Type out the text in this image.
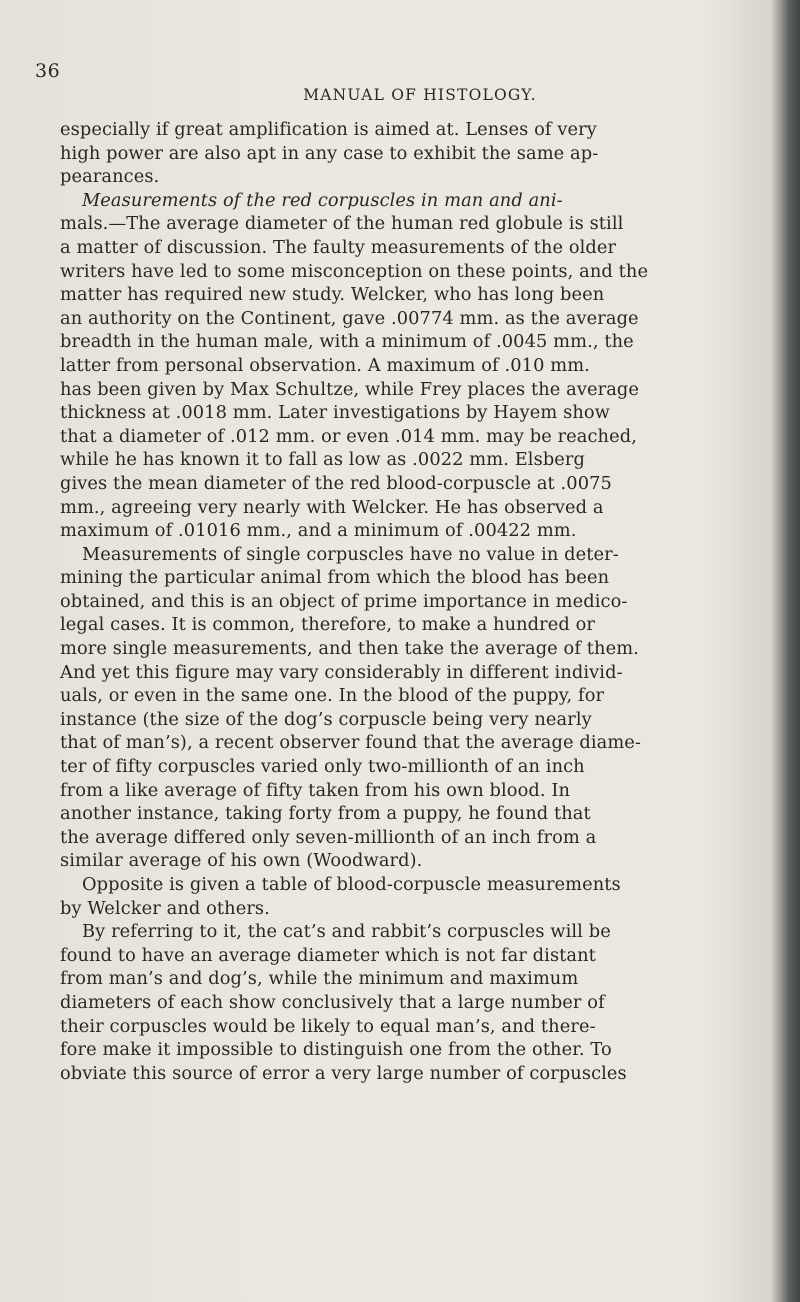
36
MANUAL OF HISTOLOGY.
especially if great amplification is aimed at. Lenses of very
high power are also apt in any case to exhibit the same ap-
pearances.
Measurements of the red corpuscles in man and ani-
mals.—The average diameter of the human red globule is still
a matter of discussion. The faulty measurements of the older
writers have led to some misconception on these points, and the
matter has required new study. Welcker, who has long been
an authority on the Continent, gave .00774 mm. as the average
breadth in the human male, with a minimum of .0045 mm., the
latter from personal observation. A maximum of .010 mm.
has been given by Max Schultze, while Frey places the average
thickness at .0018 mm. Later investigations by Hayem show
that a diameter of .012 mm. or even .014 mm. may be reached,
while he has known it to fall as low as .0022 mm. Elsberg
gives the mean diameter of the red blood-corpuscle at .0075
mm., agreeing very nearly with Welcker. He has observed a
maximum of .01016 mm., and a minimum of .00422 mm.
Measurements of single corpuscles have no value in deter-
mining the particular animal from which the blood has been
obtained, and this is an object of prime importance in medico-
legal cases. It is common, therefore, to make a hundred or
more single measurements, and then take the average of them.
And yet this figure may vary considerably in different individ-
uals, or even in the same one. In the blood of the puppy, for
instance (the size of the dog’s corpuscle being very nearly
that of man’s), a recent observer found that the average diame-
ter of fifty corpuscles varied only two-millionth of an inch
from a like average of fifty taken from his own blood. In
another instance, taking forty from a puppy, he found that
the average differed only seven-millionth of an inch from a
similar average of his own (Woodward).
Opposite is given a table of blood-corpuscle measurements
by Welcker and others.
By referring to it, the cat’s and rabbit’s corpuscles will be
found to have an average diameter which is not far distant
from man’s and dog’s, while the minimum and maximum
diameters of each show conclusively that a large number of
their corpuscles would be likely to equal man’s, and there-
fore make it impossible to distinguish one from the other. To
obviate this source of error a very large number of corpuscles
